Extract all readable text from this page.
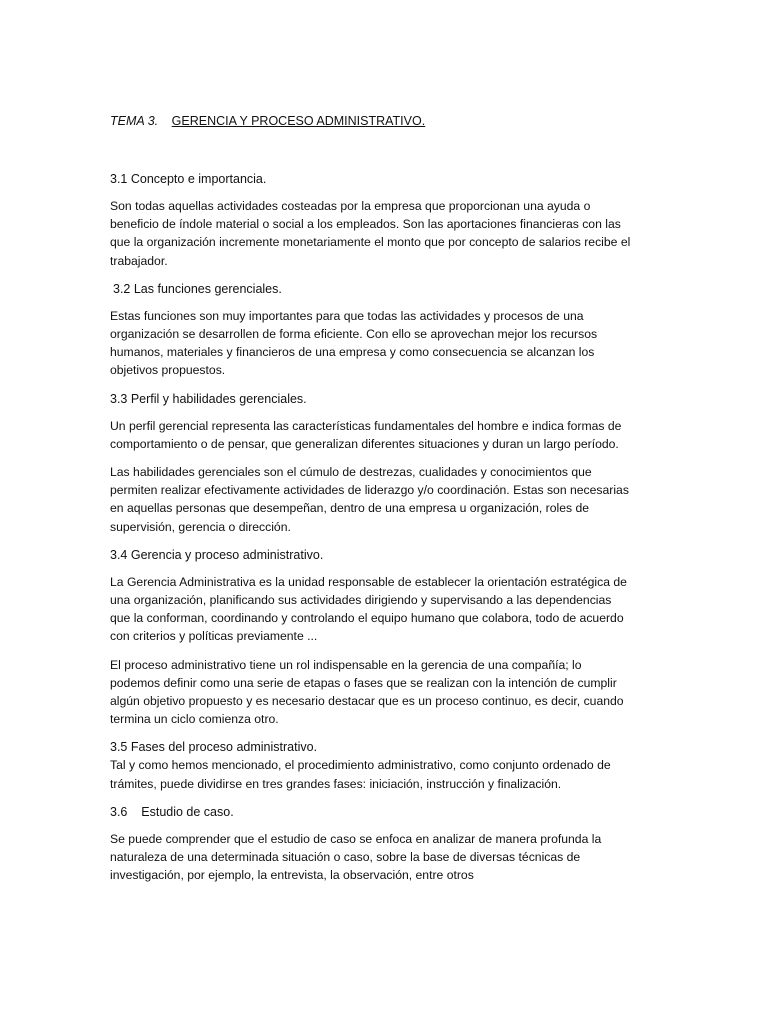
TEMA 3. GERENCIA Y PROCESO ADMINISTRATIVO.

3.1 Concepto e importancia.

Son todas aquellas actividades costeadas por la empresa que proporcionan una ayuda o beneficio de índole material o social a los empleados. Son las aportaciones financieras con las que la organización incremente monetariamente el monto que por concepto de salarios recibe el trabajador.

3.2 Las funciones gerenciales.

Estas funciones son muy importantes para que todas las actividades y procesos de una organización se desarrollen de forma eficiente. Con ello se aprovechan mejor los recursos humanos, materiales y financieros de una empresa y como consecuencia se alcanzan los objetivos propuestos.

3.3 Perfil y habilidades gerenciales.

Un perfil gerencial representa las características fundamentales del hombre e indica formas de comportamiento o de pensar, que generalizan diferentes situaciones y duran un largo período.

Las habilidades gerenciales son el cúmulo de destrezas, cualidades y conocimientos que permiten realizar efectivamente actividades de liderazgo y/o coordinación. Estas son necesarias en aquellas personas que desempeñan, dentro de una empresa u organización, roles de supervisión, gerencia o dirección.

3.4 Gerencia y proceso administrativo.

La Gerencia Administrativa es la unidad responsable de establecer la orientación estratégica de una organización, planificando sus actividades dirigiendo y supervisando a las dependencias que la conforman, coordinando y controlando el equipo humano que colabora, todo de acuerdo con criterios y políticas previamente ...

El proceso administrativo tiene un rol indispensable en la gerencia de una compañía; lo podemos definir como una serie de etapas o fases que se realizan con la intención de cumplir algún objetivo propuesto y es necesario destacar que es un proceso continuo, es decir, cuando termina un ciclo comienza otro.

3.5 Fases del proceso administrativo.

Tal y como hemos mencionado, el procedimiento administrativo, como conjunto ordenado de trámites, puede dividirse en tres grandes fases: iniciación, instrucción y finalización.

3.6    Estudio de caso.

Se puede comprender que el estudio de caso se enfoca en analizar de manera profunda la naturaleza de una determinada situación o caso, sobre la base de diversas técnicas de investigación, por ejemplo, la entrevista, la observación, entre otros
